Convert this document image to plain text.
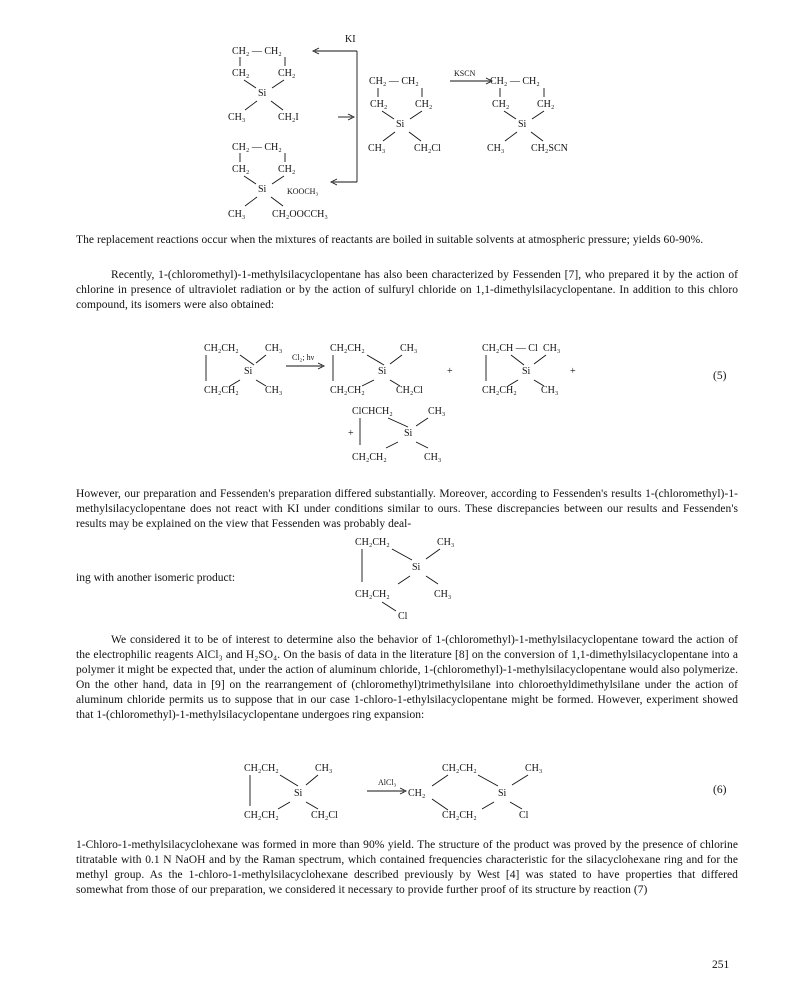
KI
CH₂ — CH₂
CH₂	CH₂
Si
CH₃	CH₂I
CH₂ — CH₂
CH₂	CH₂
Si
CH₃	CH₂Cl
KSCN
CH₂ — CH₂
CH₂	CH₂
Si
CH₃	CH₂SCN
CH₂ — CH₂
CH₂	CH₂
Si
CH₃	CH₂OOCCH₃
KOOCH₃
CH₂CH₂	CH₃
Si
CH₂CH₂	CH₃
Cl₂; hν
CH₂CH₂	CH₃
Si
CH₂CH₂	CH₂Cl
+
CH₂CH — Cl CH₃
Si
CH₂CH₂ CH₃
+
ClCHCH₂	CH₃
Si
CH₂CH₂	CH₃
+
CH₂CH₂	CH₃
Si
CH₂CH₂	CH₃
Cl
CH₂CH₂	CH₃
Si
CH₂CH₂	CH₂Cl
AlCl₃
CH₂CH₂	CH₃
CH₂	Si
CH₂CH₂	Cl

The replacement reactions occur when the mixtures of reactants are boiled in suitable solvents at atmospheric pressure; yields 60-90%.

Recently, 1-(chloromethyl)-1-methylsilacyclopentane has also been characterized by Fessenden [7], who prepared it by the action of chlorine in presence of ultraviolet radiation or by the action of sulfuryl chloride on 1,1-dimethylsilacyclopentane. In addition to this chloro compound, its isomers were also obtained:

(5)

However, our preparation and Fessenden's preparation differed substantially. Moreover, according to Fessenden's results 1-(chloromethyl)-1-methylsilacyclopentane does not react with KI under conditions similar to ours. These discrepancies between our results and Fessenden's results may be explained on the view that Fessenden was probably deal-

ing with another isomeric product:

We considered it to be of interest to determine also the behavior of 1-(chloromethyl)-1-methylsilacyclopentane toward the action of the electrophilic reagents AlCl₃ and H₂SO₄. On the basis of data in the literature [8] on the conversion of 1,1-dimethylsilacyclopentane into a polymer it might be expected that, under the action of aluminum chloride, 1-(chloromethyl)-1-methylsilacyclopentane would also polymerize. On the other hand, data in [9] on the rearrangement of (chloromethyl)trimethylsilane into chloroethyldimethylsilane under the action of aluminum chloride permits us to suppose that in our case 1-chloro-1-ethylsilacyclopentane might be formed. However, experiment showed that 1-(chloromethyl)-1-methylsilacyclopentane undergoes ring expansion:

(6)

1-Chloro-1-methylsilacyclohexane was formed in more than 90% yield. The structure of the product was proved by the presence of chlorine titratable with 0.1 N NaOH and by the Raman spectrum, which contained frequencies characteristic for the silacyclohexane ring and for the methyl group. As the 1-chloro-1-methylsilacyclohexane described previously by West [4] was stated to have properties that differed somewhat from those of our preparation, we considered it necessary to provide further proof of its structure by reaction (7)

251
